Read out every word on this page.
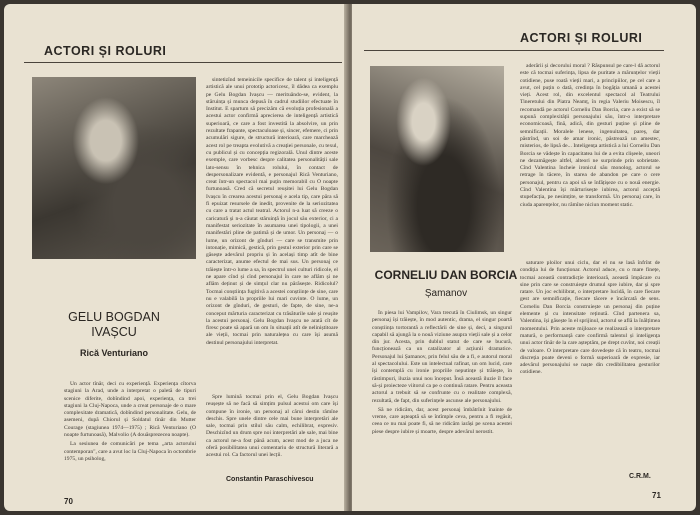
ACTORI ȘI ROLURI
GELU BOGDAN
IVAȘCU
Rică Venturiano

sintetizînd temeinicile specifice de talent și inteligență artistică ale unui prototip actoricesc, îl dădea ca exemplu pe Gelu Bogdan Ivașcu — merituândo-se, evident, la stăruința și munca depusă în cadrul studiilor efectuate în Institut. E spartum să precizăm că evoluția profesională a acestui actor confirmă aprecierea de inteligență artistică superioară, ce care a fost investită la absolvire, un prin rezultate frapante, spectaculoase și, sincer, efemere, ci prin acumulări sigure, de structură interioară, care marchează acest rol pe treapta evolutivă a creației personale, cu texul, cu publicul și cu concepția regizorală. Unul dintre aceste exemple, care vorbesc despre calitatea personalității sale lato-sensu în tehnica rolului, în contact de despersonalizare evidentă, e personajul Rică Venturiano, creat într-un spectacol mai puțin memorabil cu O noapte furtunoasă. Cred că secretul reușitei lui Gelu Bogdan Ivașcu în crearea acestui personaj e acela tip, care păra să fi epuizat resursele de inedit, provenite de la seriozitatea cu care a tratat actul teatral. Actorul n-a luat să creeze o caricatură și n-a căutat stăruință în jocul său exterior, ci a manifestat seriozitate în asumarea unei tipologii, a unei manifestări pline de patimă și de umor. Un personaj — o lume, un orizont de gînduri — care se transmite prin intonație, mimică, gestică, prin gestul exterior prin care se găsește adevărul propriu și în același timp atît de bine caracterizat, anume efectul de mai sus. Un personaj ce trăiește într-o lume a sa, în spectrul unei culturi ridicole, el ne apare cînd și cînd personajul în care ne aflăm și ne aflăm deținut și de simțul clar nu părăsește. Ridicolul? Tocmai conștiința fugitivă a acestei conștiințe de sine, care nu e valabilă la propriile lui mari cuvinte. O lume, un orizont de gînduri, de gesturi, de fapte, de sine, ne-a conceput mărturia caracterizat cu trăsăturile sale și reușite la acestui personaj. Gelu Bogdan Ivașcu ne arată cît de firesc poate să apară un om în situații atît de neliniștitoare ale vieții, tocmai prin naturalețea cu care își asumă destinul personajului interpretat.

Un actor tînăr, deci cu experiență. Experiența cîtorva stagiuni la Arad, unde a interpretat o paletă de tipuri scenice diferite, dobîndind apoi, experiența, ca trei stagiuni la Cluj-Napoca, unde a creat personaje de o mare complexitate dramatică, dobîndind personalitate. Gelu, de asemeni, după Chiorul și Soldatul tînăr din Mutter Courage (stagiunea 1974—1975) ; Rică Venturiano (O noapte furtunoasă), Malvolio (A douăsprezecea noapte).

La sesiunea de comunicări pe tema „arta actorului contemporan", care a avut loc la Cluj-Napoca în octombrie 1975, un psiholog,

Spre lumină tocmai prin el, Gelu Bogdan Ivașcu reușește să ne facă să simțim pulsul acestui om care își compune în ironie, un personaj al cărui destin rămîne deschis. Spre unele dintre cele mai bune interpretări ale sale, tocmai prin stilul său calm, echilibrat, expresiv. Deschizînd un drum spre noi interpretări ale sale, mai bine ca actorul ne-a fost până acum, acest mod de a juca ne oferă posibilitatea unui comentariu de structură literară a acestui rol. Ca factorul unei lecții.

Constantin Paraschivescu
70
ACTORI ȘI ROLURI

aderării și decorului moral ? Răspunsul pe care-l dă actorul este că tocmai suferința, lipsa de puritate a mărunțelor vieții cotidiene, puse roată vieții mari, a principiilor, pe cel care a avut, cel puțin o dată, credința în bogăția umană a acestei vieți. Acest rol, din excelentul spectacol al Teatrului Tineretului din Piatra Neamț, în regia Valeriu Moisescu, îl recomandă pe actorul Corneliu Dan Borcia, care a exist să se supună complexității personajului său, într-o interpretare economicoasă, fină, adică, din gesturi puține și pline de semnificații. Moralele lenese, ingenuitatea, pareș, dar păstrînd, un soi de amar ironic, păstrează un amestec, misterios, de lipsă de... Inteligența artistică a lui Corneliu Dan Borcia se vădește în capacitatea lui de a evita clișeele, uneori ne dezamăgește altfel, alteori ne surprinde prin sobrietate. Cînd Valentina încheie ironicul său monolog, actorul se retrage în tăcere, în starea de abandon pe care o cere personajul, pentru ca apoi să se înfățișeze cu o nouă energie. Cînd Valentina își mărturisește iubirea, actorul acceptă stupefacția, pe nesimțite, se transformă. Un personaj care, în ciuda aparențelor, nu rămîne niciun moment static.

CORNELIU DAN BORCIA
Șamanov

În piesa lui Vampilov, Vara trecută în Ciulimsk, un singur personaj își trăiește, în mod autentic, drama, el singur poartă conștiința tortorantă a reflectării de sine și, deci, a singurul capabil să ajungă la o nouă viziune asupra vieții sale și a celor din jur. Acesta, prin dublul statut de care se bucură, funcționează ca un catalizator al acțiunii dramatice. Personajul lui Șamanov, prin felul său de a fi, e autorul moral al spectacolului. Este un intelectual rafinat, un om lucid, care își contemplă cu ironie propriile neputințe și trăiește, în răstimpuri, iluzia unui nou început. Însă această iluzie îl face să-și proiecteze viitorul ca pe o continuă ratare. Pentru aceasta actorul a trebuit să se confrunte cu o realitate complexă, rezultată, de fapt, din suferințele ascunse ale personajului.

Să ne ridicăm, dar, acest personaj îmbătrînit înainte de vreme, care așteaptă să se întîmple ceva, pentru a fi regăsit, ceea ce nu mai poate fi, să ne ridicăm iarăși pe scena acestei piese despre iubire și moarte, despre adevărul nerostit.

saturare ploilor unui ciclu, dar el nu se lasă înfrînt de condiția lui de funcționar. Actorul aduce, cu o mare finețe, tocmai această contradicție interioară, această împăcare cu sine prin care se construiește drumul spre iubire, dar și spre ratare. Un joc echilibrat, o interpretare lucidă, în care fiecare gest are semnificație, fiecare tăcere e încărcată de sens. Corneliu Dan Borcia construiește un personaj din puține elemente și cu intensitate reținută. Cînd partenera sa, Valentina, își găsește în el sprijinul, actorul se află la înălțimea momentului. Prin aceste mijloace se realizează o interpretare matură, o performanță care confirmă talentul și inteligența unui actor tînăr de la care așteptăm, pe drept cuvînt, noi creații de valoare. O interpretare care dovedește că în teatru, tocmai discreția poate deveni o formă superioară de expresie, iar adevărul personajului se naște din credibilitatea gesturilor cotidiene.

C.R.M.
71
